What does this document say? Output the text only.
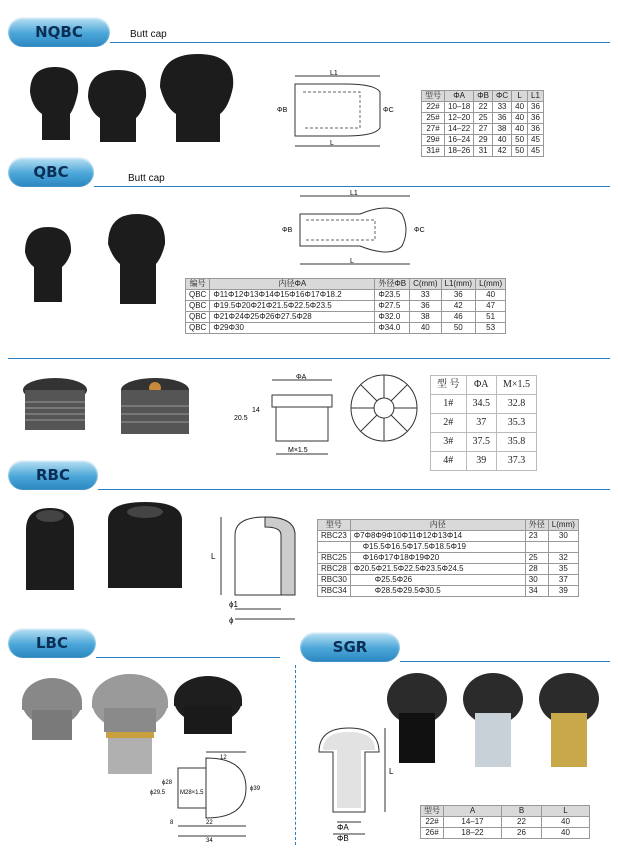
NQBC	Butt cap
L1
L
ΦB	ΦC
型号	ΦA	ΦB	ΦC	L	L1
22#	10–18	22	33	40	36
25#	12–20	25	36	40	36
27#	14–22	27	38	40	36
29#	16–24	29	40	50	45
31#	18–26	31	42	50	45
QBC	Butt cap
L1
L
ΦB	ΦC
编号	内径ΦA	外径ΦB	C(mm)	L1(mm)	L(mm)
QBC	Φ11Φ12Φ13Φ14Φ15Φ16Φ17Φ18.2	Φ23.5	33	36	40
QBC	Φ19.5Φ20Φ21Φ21.5Φ22.5Φ23.5	Φ27.5	36	42	47
QBC	Φ21Φ24Φ25Φ26Φ27.5Φ28	Φ32.0	38	46	51
QBC	Φ29Φ30	Φ34.0	40	50	53
ΦA
20.5
14
M×1.5
型 号	ΦA	M×1.5
1#	34.5	32.8
2#	37	35.3
3#	37.5	35.8
4#	39	37.3
RBC
L
ϕ1
ϕ
型号	内径	外径	L(mm)
RBC23	Φ7Φ8Φ9Φ10Φ11Φ12Φ13Φ14	23	30
	Φ15.5Φ16.5Φ17.5Φ18.5Φ19		
RBC25	Φ16Φ17Φ18Φ19Φ20	25	32
RBC28	Φ20.5Φ21.5Φ22.5Φ23.5Φ24.5	28	35
RBC30	Φ25.5Φ26	30	37
RBC34	Φ28.5Φ29.5Φ30.5	34	39
LBC
12
ϕ28
ϕ29.5 M28×1.5
ϕ39
22
34
8
SGR
L
ΦA
ΦB
型号	A	B	L
22#	14–17	22	40
26#	18–22	26	40
